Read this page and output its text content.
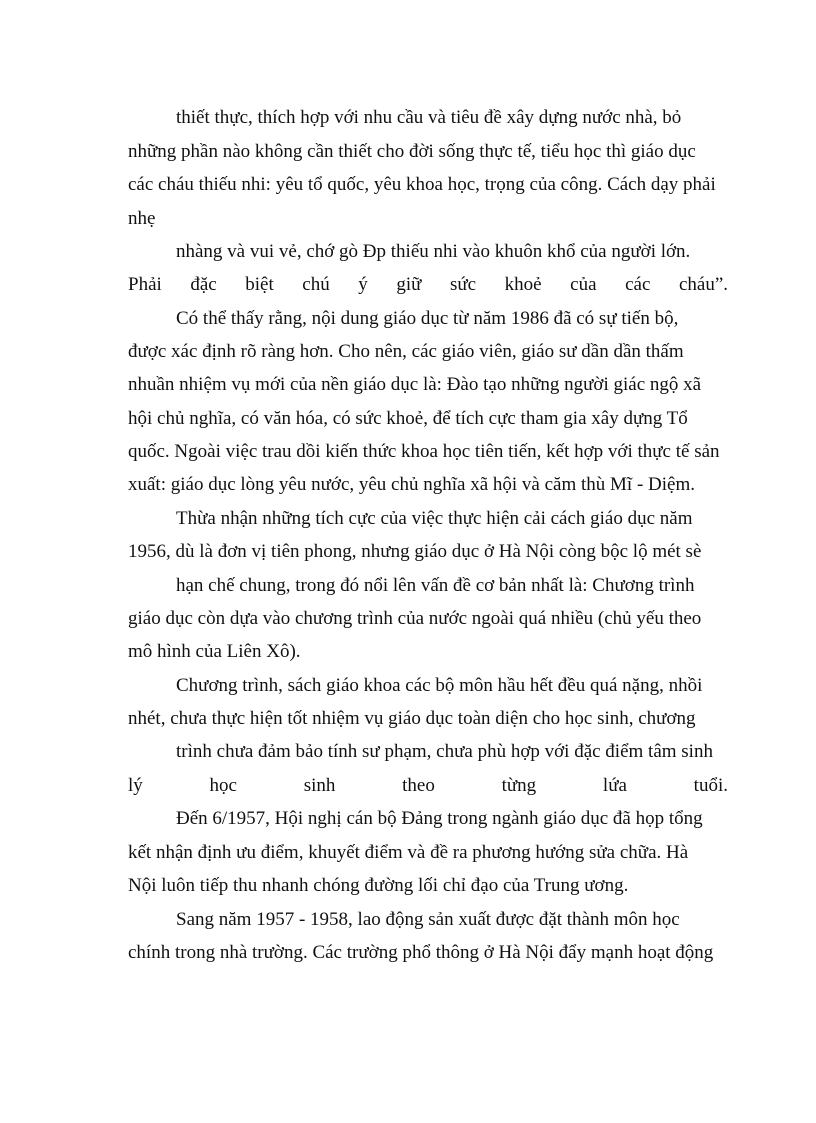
thiết thực, thích hợp với nhu cầu và tiêu đề xây dựng nước nhà, bỏ
những phần nào không cần thiết cho đời sống thực tế, tiểu học thì giáo dục
các cháu thiếu nhi: yêu tổ quốc, yêu khoa học, trọng của công. Cách dạy phải
nhẹ
nhàng và vui vẻ, chớ gò Ðp thiếu nhi vào khuôn khổ của người lớn.
Phải đặc biệt chú ý giữ sức khoẻ của các cháu”.
Có thể thấy rằng, nội dung giáo dục từ năm 1986 đã có sự tiến bộ,
được xác định rõ ràng hơn. Cho nên, các giáo viên, giáo sư dần dần thấm
nhuần nhiệm vụ mới của nền giáo dục là: Đào tạo những người giác ngộ xã
hội chủ nghĩa, có văn hóa, có sức khoẻ, để tích cực tham gia xây dựng Tổ
quốc. Ngoài việc trau dồi kiến thức khoa học tiên tiến, kết hợp với thực tế sản
xuất: giáo dục lòng yêu nước, yêu chủ nghĩa xã hội và căm thù Mĩ - Diệm.
Thừa nhận những tích cực của việc thực hiện cải cách giáo dục năm
1956, dù là đơn vị tiên phong, nhưng giáo dục ở Hà Nội còng bộc lộ mét sè
hạn chế chung, trong đó nổi lên vấn đề cơ bản nhất là: Chương trình
giáo dục còn dựa vào chương trình của nước ngoài quá nhiều (chủ yếu theo
mô hình của Liên Xô).
Chương trình, sách giáo khoa các bộ môn hầu hết đều quá nặng, nhồi
nhét, chưa thực hiện tốt nhiệm vụ giáo dục toàn diện cho học sinh, chương
trình chưa đảm bảo tính sư phạm, chưa phù hợp với đặc điểm tâm sinh
lý học sinh theo từng lứa tuổi.
Đến 6/1957, Hội nghị cán bộ Đảng trong ngành giáo dục đã họp tổng
kết nhận định ưu điểm, khuyết điểm và đề ra phương hướng sửa chữa. Hà
Nội luôn tiếp thu nhanh chóng đường lối chỉ đạo của Trung ương.
Sang năm 1957 - 1958, lao động sản xuất được đặt thành môn học
chính trong nhà trường. Các trường phổ thông ở Hà Nội đẩy mạnh hoạt động
